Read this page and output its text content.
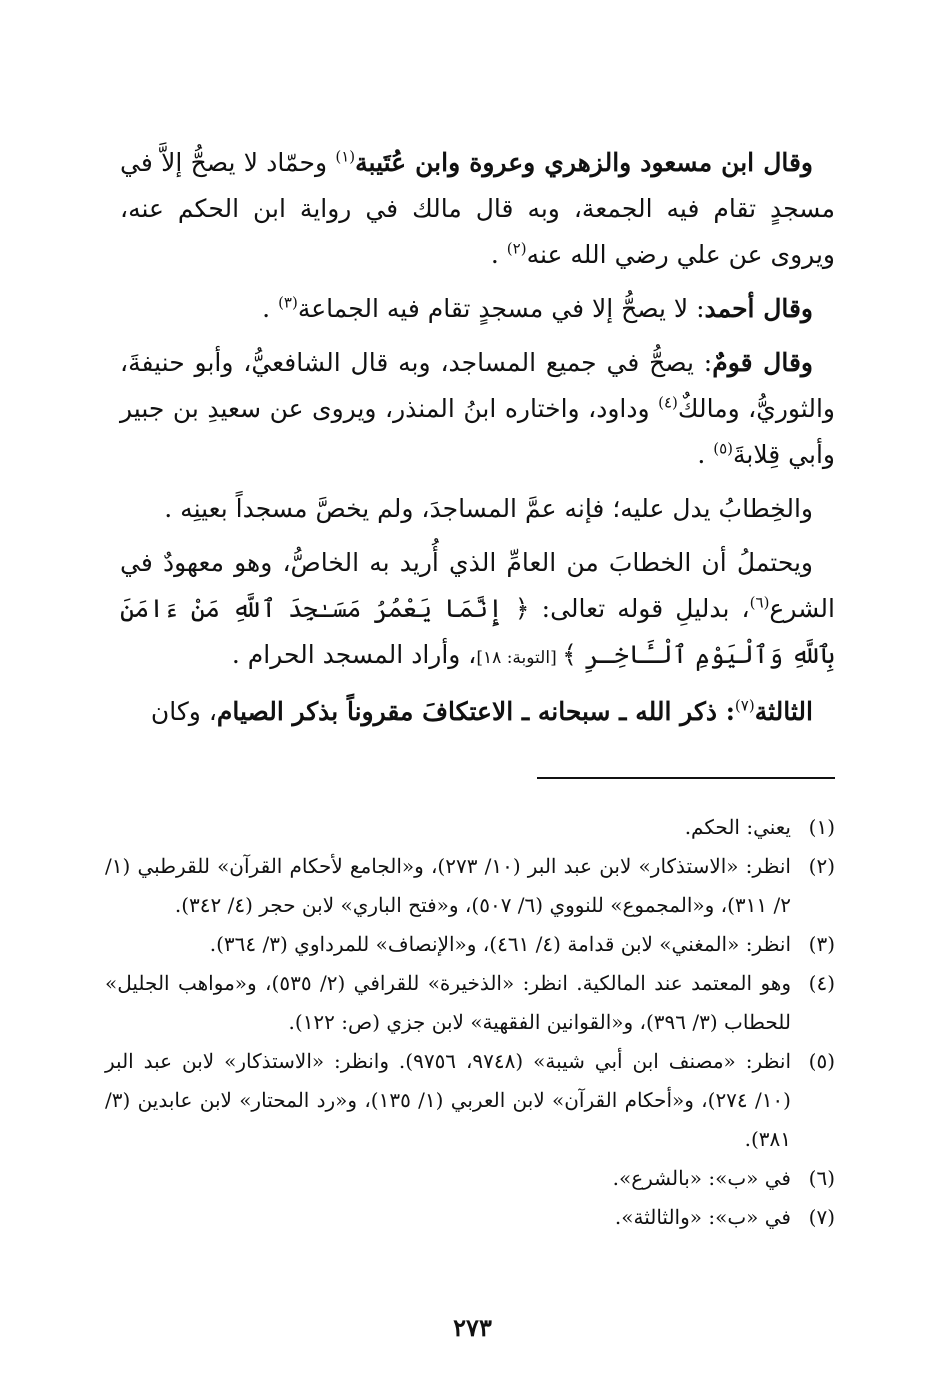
وقال ابن مسعود والزهري وعروة وابن عُتَيبة$^{(١)}$ وحمّاد لا يصحُّ إلاَّ في مسجدٍ تقام فيه الجمعة، وبه قال مالك في رواية ابن الحكم عنه، ويروى عن علي رضي الله عنه$^{(٢)}$ .

وقال أحمد: لا يصحُّ إلا في مسجدٍ تقام فيه الجماعة$^{(٣)}$ .

وقال قومٌ: يصحُّ في جميع المساجد، وبه قال الشافعيُّ، وأبو حنيفةَ، والثوريُّ، ومالكٌ$^{(٤)}$ وداود، واختاره ابنُ المنذر، ويروى عن سعيدِ بن جبير وأبي قِلابةَ$^{(٥)}$ .

والخِطابُ يدل عليه؛ فإنه عمَّ المساجدَ، ولم يخصَّ مسجداً بعينِه .

ويحتملُ أن الخطابَ من العامِّ الذي أُريد به الخاصُّ، وهو معهودٌ في الشرع$^{(٦)}$، بدليلِ قوله تعالى: ﴿ إِنَّمَا يَعْمُرُ مَسَـٰجِدَ ٱللَّهِ مَنْ ءَامَنَ بِٱللَّهِ وَٱلْيَوْمِ ٱلْـَٔاخِـرِ ﴾ [التوبة: ١٨]، وأراد المسجد الحرام .

الثالثة$^{(٧)}$: ذكر الله ـ سبحانه ـ الاعتكافَ مقروناً بذكر الصيام، وكان

(١)
يعني: الحكم.
(٢)
انظر: «الاستذكار» لابن عبد البر (١٠/ ٢٧٣)، و«الجامع لأحكام القرآن» للقرطبي (١/ ٢/ ٣١١)، و«المجموع» للنووي (٦/ ٥٠٧)، و«فتح الباري» لابن حجر (٤/ ٣٤٢).
(٣)
انظر: «المغني» لابن قدامة (٤/ ٤٦١)، و«الإنصاف» للمرداوي (٣/ ٣٦٤).
(٤)
وهو المعتمد عند المالكية. انظر: «الذخيرة» للقرافي (٢/ ٥٣٥)، و«مواهب الجليل» للحطاب (٣/ ٣٩٦)، و«القوانين الفقهية» لابن جزي (ص: ١٢٢).
(٥)
انظر: «مصنف ابن أبي شيبة» (٩٧٤٨، ٩٧٥٦). وانظر: «الاستذكار» لابن عبد البر (١٠/ ٢٧٤)، و«أحكام القرآن» لابن العربي (١/ ١٣٥)، و«رد المحتار» لابن عابدين (٣/ ٣٨١).
(٦)
في «ب»: «بالشرع».
(٧)
في «ب»: «والثالثة».
٢٧٣
